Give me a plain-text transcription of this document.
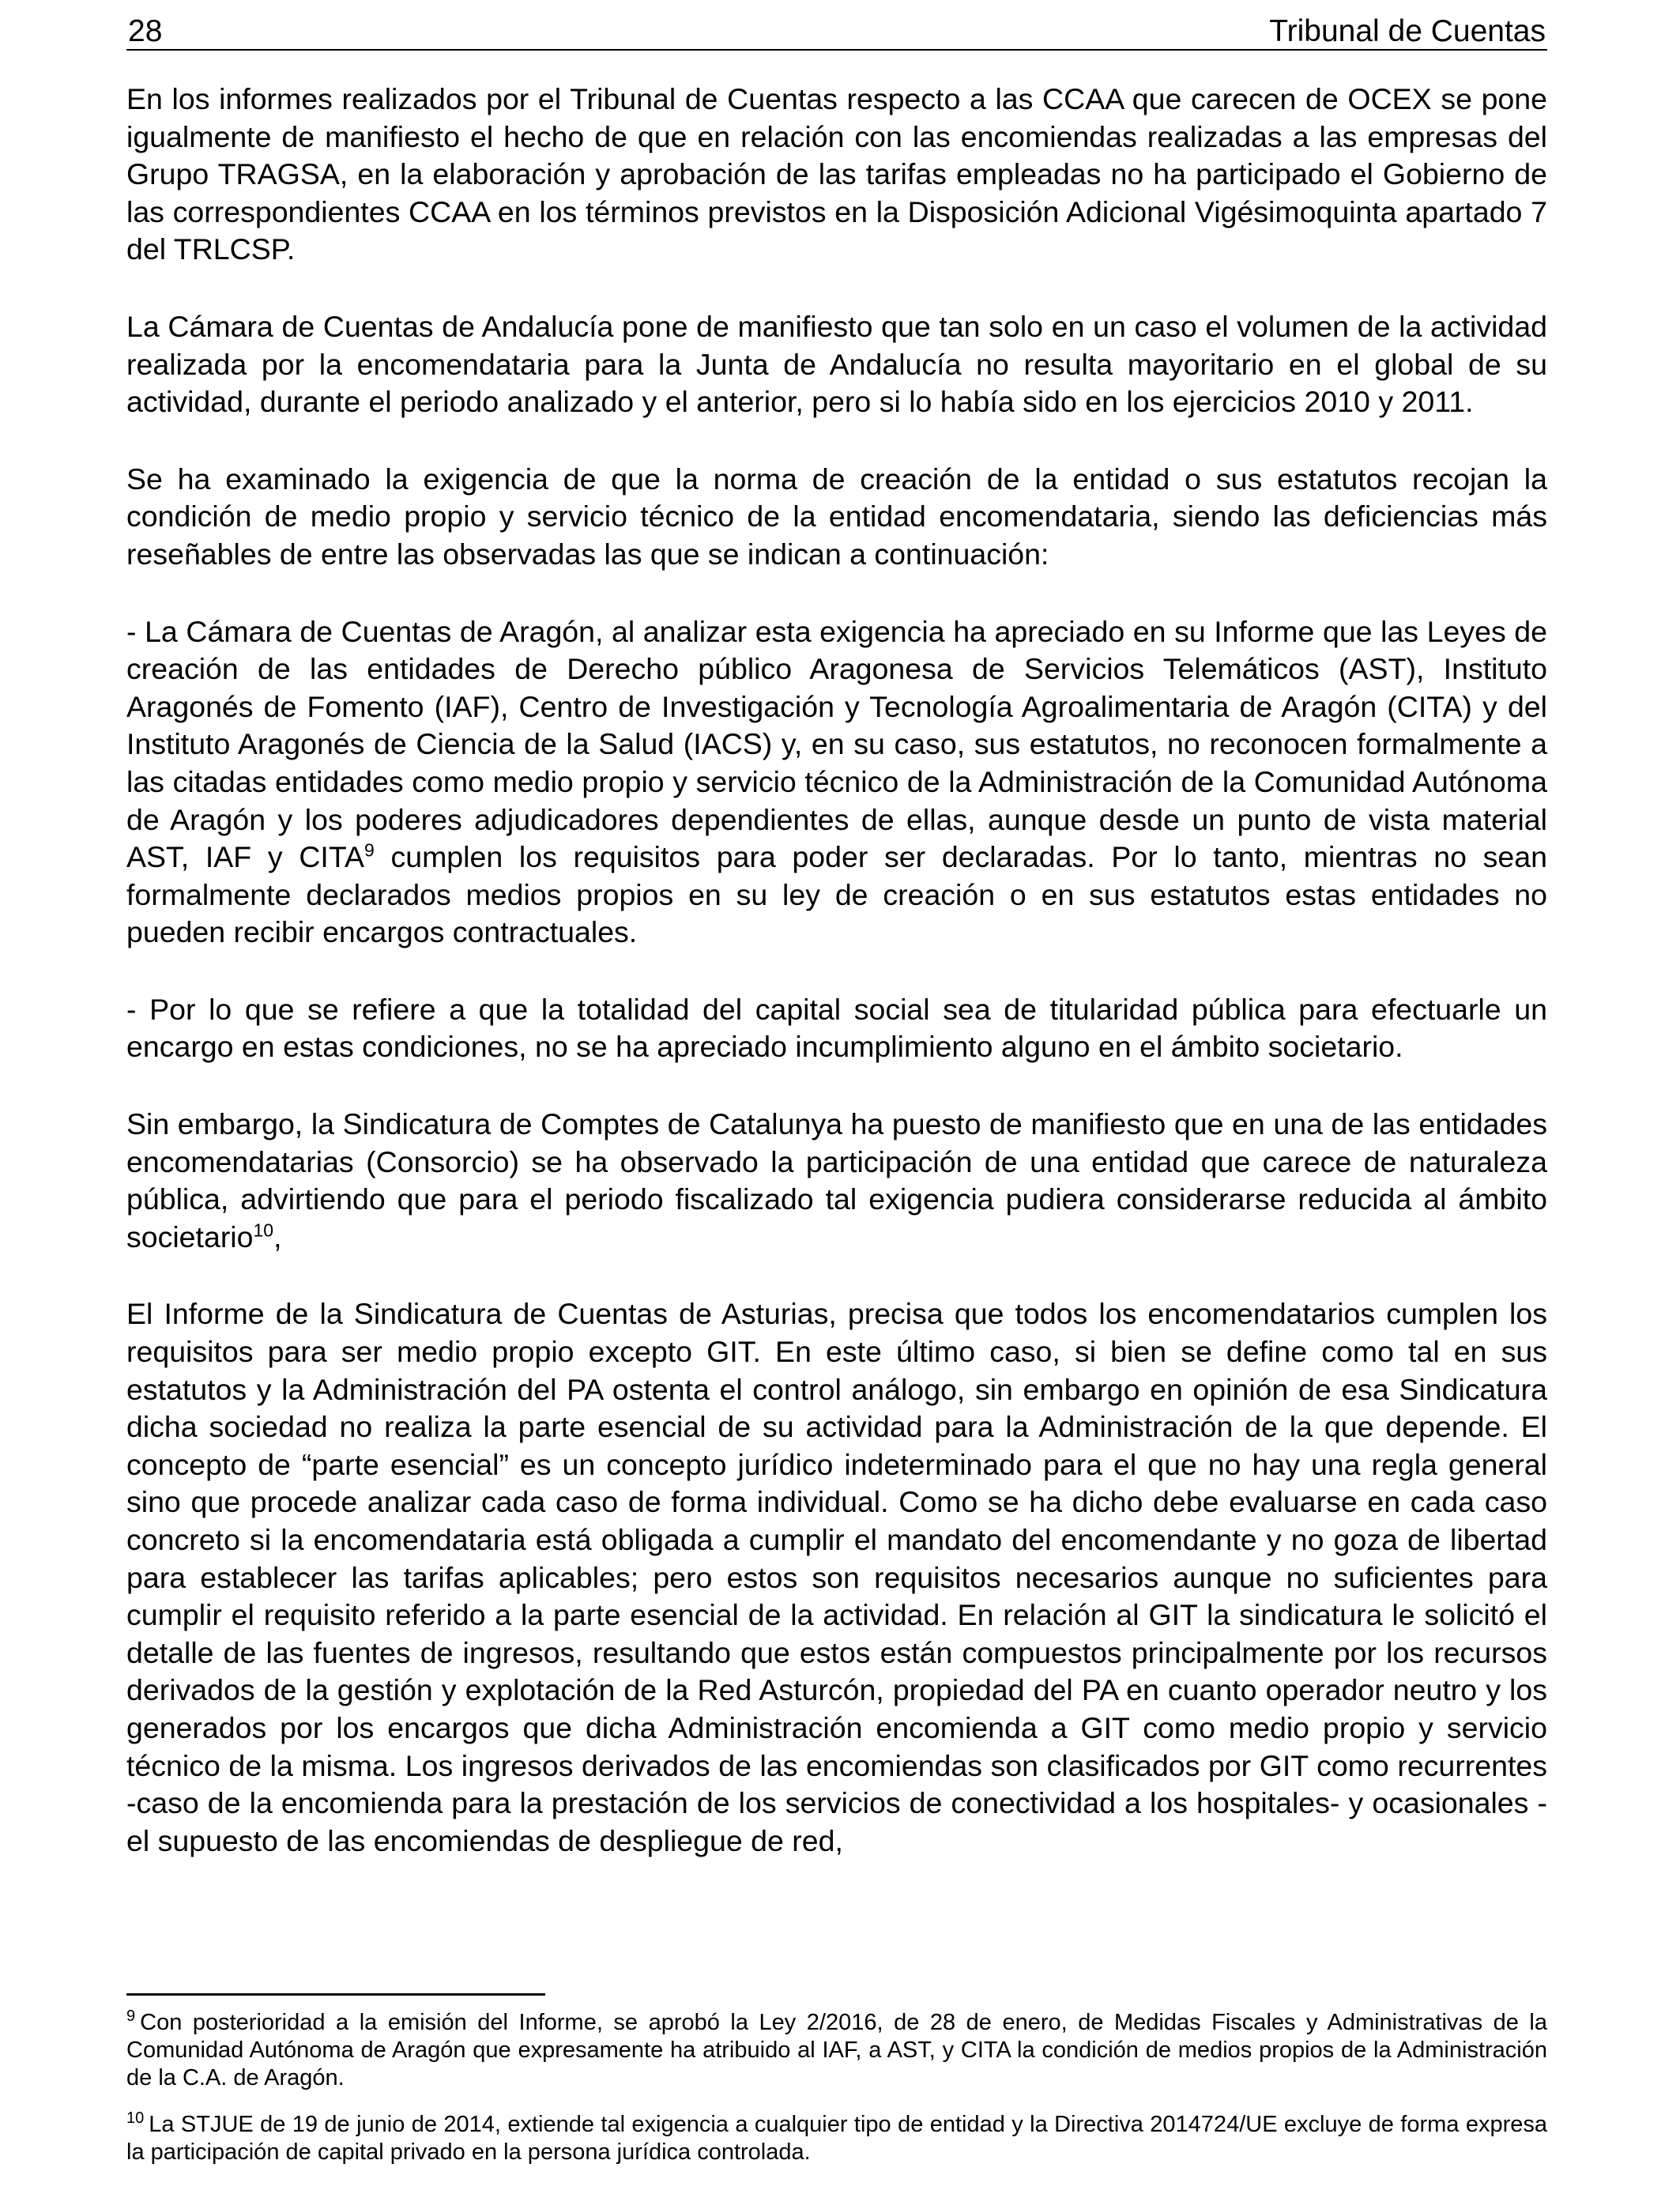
28	Tribunal de Cuentas

En los informes realizados por el Tribunal de Cuentas respecto a las CCAA que carecen de OCEX se pone igualmente de manifiesto el hecho de que en relación con las encomiendas realizadas a las empresas del Grupo TRAGSA, en la elaboración y aprobación de las tarifas empleadas no ha participado el Gobierno de las correspondientes CCAA en los términos previstos en la Disposición Adicional Vigésimoquinta apartado 7 del TRLCSP.

La Cámara de Cuentas de Andalucía pone de manifiesto que tan solo en un caso el volumen de la actividad realizada por la encomendataria para la Junta de Andalucía no resulta mayoritario en el global de su actividad, durante el periodo analizado y el anterior, pero si lo había sido en los ejercicios 2010 y 2011.

Se ha examinado la exigencia de que la norma de creación de la entidad o sus estatutos recojan la condición de medio propio y servicio técnico de la entidad encomendataria, siendo las deficiencias más reseñables de entre las observadas las que se indican a continuación:

- La Cámara de Cuentas de Aragón, al analizar esta exigencia ha apreciado en su Informe que las Leyes de creación de las entidades de Derecho público Aragonesa de Servicios Telemáticos (AST), Instituto Aragonés de Fomento (IAF), Centro de Investigación y Tecnología Agroalimentaria de Aragón (CITA) y del Instituto Aragonés de Ciencia de la Salud (IACS) y, en su caso, sus estatutos, no reconocen formalmente a las citadas entidades como medio propio y servicio técnico de la Administración de la Comunidad Autónoma de Aragón y los poderes adjudicadores dependientes de ellas, aunque desde un punto de vista material AST, IAF y CITA$^9$ cumplen los requisitos para poder ser declaradas. Por lo tanto, mientras no sean formalmente declarados medios propios en su ley de creación o en sus estatutos estas entidades no pueden recibir encargos contractuales.

- Por lo que se refiere a que la totalidad del capital social sea de titularidad pública para efectuarle un encargo en estas condiciones, no se ha apreciado incumplimiento alguno en el ámbito societario.

Sin embargo, la Sindicatura de Comptes de Catalunya ha puesto de manifiesto que en una de las entidades encomendatarias (Consorcio) se ha observado la participación de una entidad que carece de naturaleza pública, advirtiendo que para el periodo fiscalizado tal exigencia pudiera considerarse reducida al ámbito societario$^{10}$,

El Informe de la Sindicatura de Cuentas de Asturias, precisa que todos los encomendatarios cumplen los requisitos para ser medio propio excepto GIT. En este último caso, si bien se define como tal en sus estatutos y la Administración del PA ostenta el control análogo, sin embargo en opinión de esa Sindicatura dicha sociedad no realiza la parte esencial de su actividad para la Administración de la que depende. El concepto de “parte esencial” es un concepto jurídico indeterminado para el que no hay una regla general sino que procede analizar cada caso de forma individual. Como se ha dicho debe evaluarse en cada caso concreto si la encomendataria está obligada a cumplir el mandato del encomendante y no goza de libertad para establecer las tarifas aplicables; pero estos son requisitos necesarios aunque no suficientes para cumplir el requisito referido a la parte esencial de la actividad. En relación al GIT la sindicatura le solicitó el detalle de las fuentes de ingresos, resultando que estos están compuestos principalmente por los recursos derivados de la gestión y explotación de la Red Asturcón, propiedad del PA en cuanto operador neutro y los generados por los encargos que dicha Administración encomienda a GIT como medio propio y servicio técnico de la misma. Los ingresos derivados de las encomiendas son clasificados por GIT como recurrentes -caso de la encomienda para la prestación de los servicios de conectividad a los hospitales- y ocasionales -el supuesto de las encomiendas de despliegue de red,

$^9$ Con posterioridad a la emisión del Informe, se aprobó la Ley 2/2016, de 28 de enero, de Medidas Fiscales y Administrativas de la Comunidad Autónoma de Aragón que expresamente ha atribuido al IAF, a AST, y CITA la condición de medios propios de la Administración de la C.A. de Aragón.

$^{10}$ La STJUE de 19 de junio de 2014, extiende tal exigencia a cualquier tipo de entidad y la Directiva 2014724/UE excluye de forma expresa la participación de capital privado en la persona jurídica controlada.
